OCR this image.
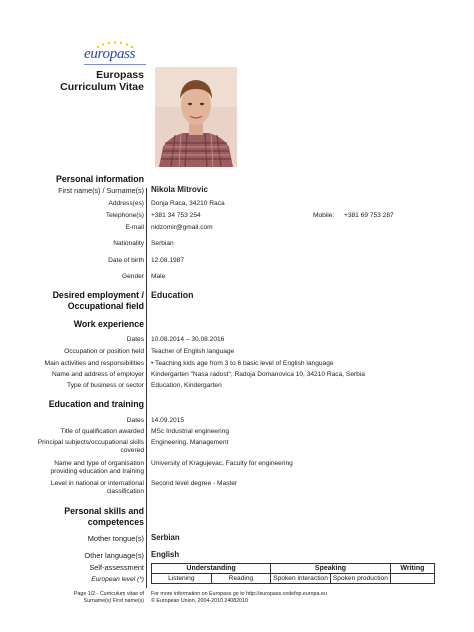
europass
Europass
Curriculum Vitae
Personal information
First name(s) / Surname(s) Nikola Mitrovic
Address(es) Donja Raca, 34210 Raca
Telephone(s) +381 34 753 254	Mobile: +381 69 753 287
E-mail nidzomir@gmail.com
Nationality Serbian
Date of birth 12.08.1987
Gender Male
Desired employment /
Occupational field
Education
Work experience
Dates 10.08.2014 – 30.08.2016
Occupation or position held Teacher of English language
Main activities and responsibilities • Teaching kids age from 3 to 6 basic level of English language
Name and address of employer Kindergarten "Nasa radost", Radoja Domanovica 10, 34210 Raca, Serbia
Type of business or sector Education, Kindergarten
Education and training
Dates 14.09.2015
Title of qualification awarded MSc Industrial engineering
Principal subjects/occupational skills
covered
Engineering, Management
Name and type of organisation
providing education and training
University of Kragujevac, Faculty for engineering
Level in national or international
classification
Second level degree - Master
Personal skills and
competences
Mother tongue(s) Serbian
Other language(s) English
Self-assessment
European level (*)
Understanding		Speaking		Writing
Listening	Reading	Spoken interaction	Spoken production	
Page 1/2 - Curriculum vitae of
Surname(s) First name(s)
For more information on Europass go to http://europass.cedefop.europa.eu
© European Union, 2004-2010 24082010
